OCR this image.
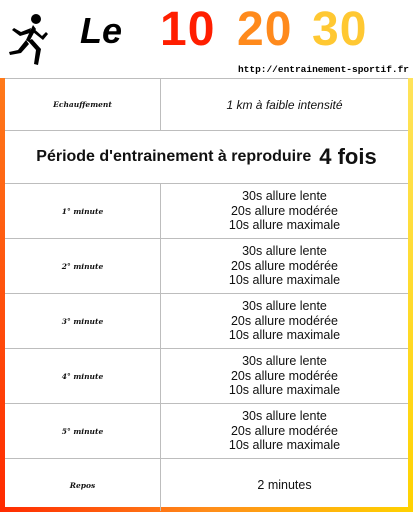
Le 10 20 30
http://entrainement-sportif.fr
Echauffement	1 km à faible intensité
Période d'entrainement à reproduire 4 fois
1° minute
30s allure lente
20s allure modérée
10s allure maximale
2° minute
30s allure lente
20s allure modérée
10s allure maximale
3° minute
30s allure lente
20s allure modérée
10s allure maximale
4° minute
30s allure lente
20s allure modérée
10s allure maximale
5° minute
30s allure lente
20s allure modérée
10s allure maximale
Repos	2 minutes
